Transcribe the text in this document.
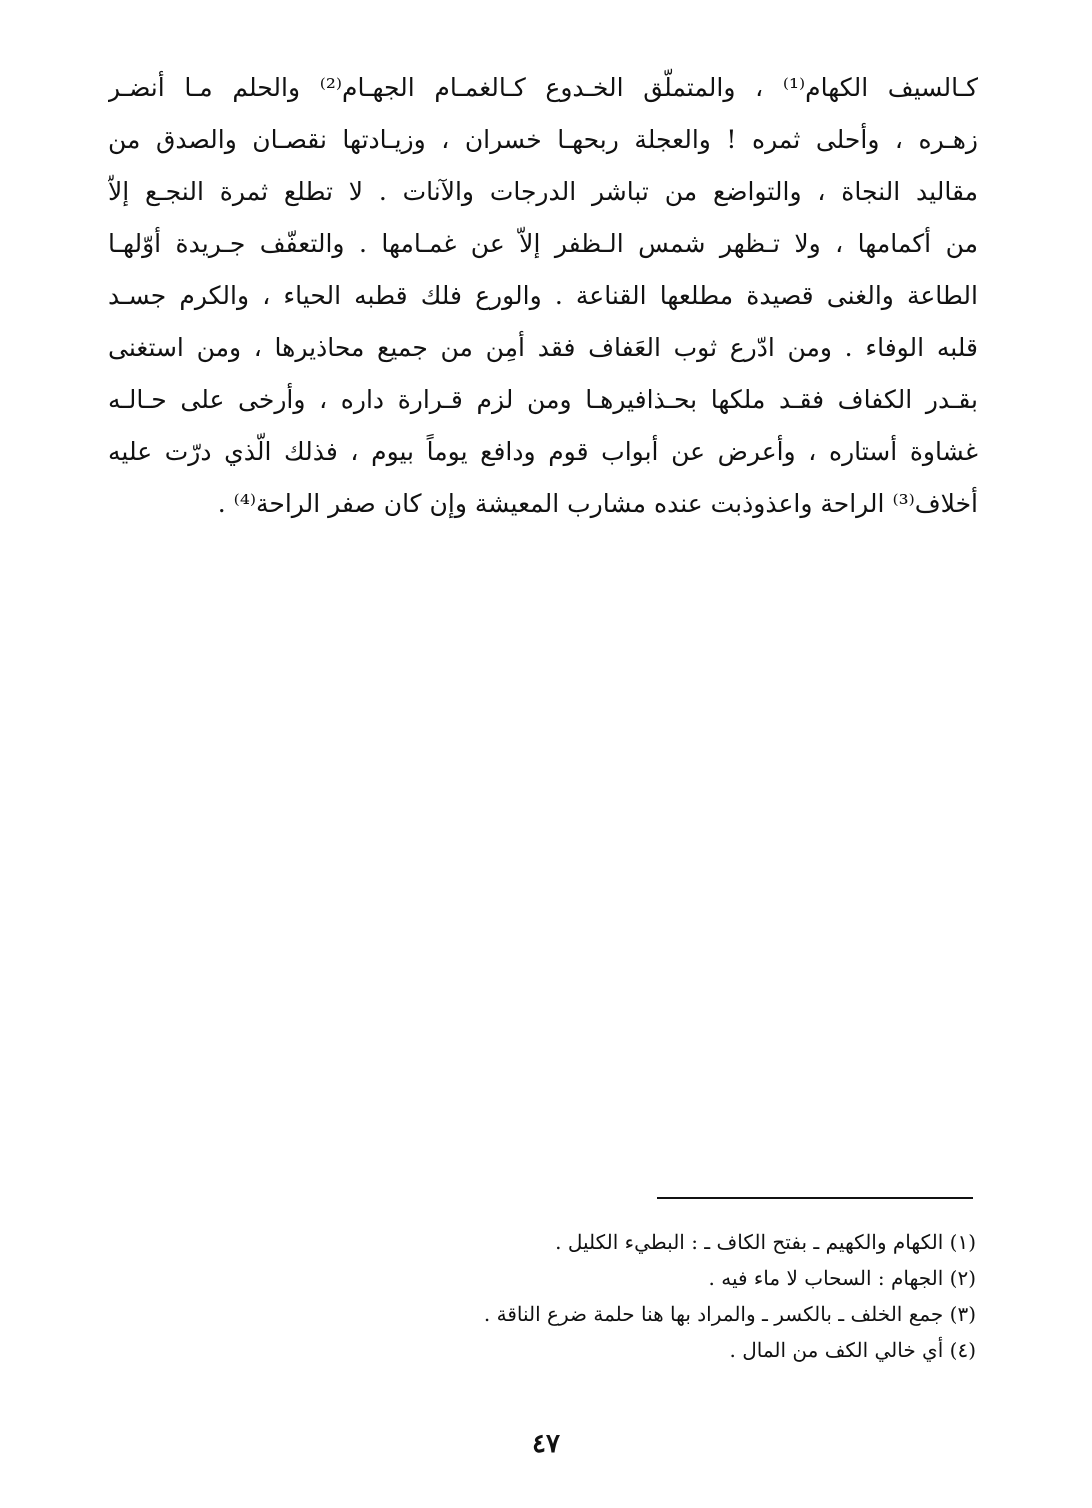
كـالسيف الكهام⁽¹⁾ ، والمتملّق الخـدوع كـالغمـام الجهـام⁽²⁾ والحلم مـا أنضـر
زهـره ، وأحلى ثمره ! والعجلة ربحهـا خسران ، وزيـادتها نقصـان والصدق من
مقاليد النجاة ، والتواضع من تباشر الدرجات والآنات . لا تطلع ثمرة النجـع إلاّ
من أكمامها ، ولا تـظهر شمس الـظفر إلاّ عن غمـامها . والتعفّف جـريدة أوّلهـا
الطاعة والغنى قصيدة مطلعها القناعة . والورع فلك قطبه الحياء ، والكرم جسـد
قلبه الوفاء . ومن ادّرع ثوب العَفاف فقد أمِن من جميع محاذيرها ، ومن استغنى
بقـدر الكفاف فقـد ملكها بحـذافيرهـا ومن لزم قـرارة داره ، وأرخى على حـالـه
غشاوة أستاره ، وأعرض عن أبواب قوم ودافع يوماً بيوم ، فذلك الّذي درّت عليه
أخلاف⁽³⁾ الراحة واعذوذبت عنده مشارب المعيشة وإن كان صفر الراحة⁽⁴⁾ .
(١) الكهام والكهيم ـ بفتح الكاف ـ : البطيء الكليل .
(٢) الجهام : السحاب لا ماء فيه .
(٣) جمع الخلف ـ بالكسر ـ والمراد بها هنا حلمة ضرع الناقة .
(٤) أي خالي الكف من المال .
٤٧
